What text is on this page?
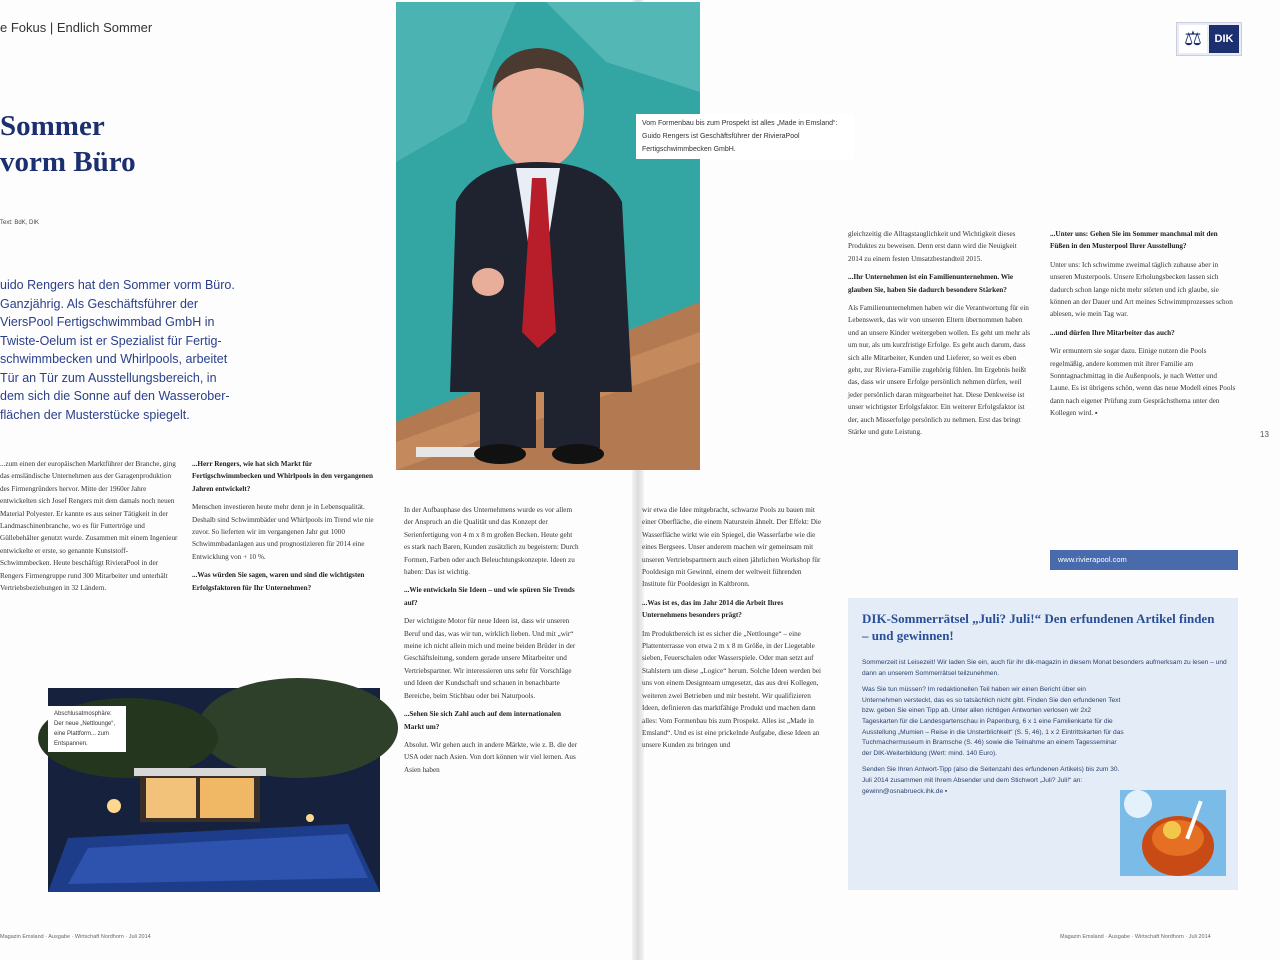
e Fokus | Endlich Sommer
Sommer
vorm Büro
Text: BdK, DIK
uido Rengers hat den Sommer vorm Büro. Ganzjährig. Als Geschäftsführer der ViersPool Fertigschwimmbad GmbH in Twiste-Oelum ist er Spezialist für Fertig-schwimmbecken und Whirlpools, arbeitet Tür an Tür zum Ausstellungsbereich, in dem sich die Sonne auf den Wasserober-flächen der Musterstücke spiegelt.

...zum einen der europäischen Marktführer der Branche, ging das emsländische Unternehmen aus der Garagenproduktion des Firmengründers hervor. Mitte der 1960er Jahre entwickelten sich Josef Rengers mit dem damals noch neuen Material Polyester. Er kannte es aus seiner Tätigkeit in der Landmaschinenbranche, wo es für Futtertröge und Güllebehälter genutzt wurde. Zusammen mit einem Ingenieur entwickelte er erste, so genannte Kunststoff-Schwimmbecken. Heute beschäftigt RivieraPool in der Rengers Firmengruppe rund 300 Mitarbeiter und unterhält Vertriebsbeziehungen in 32 Ländern.

...Herr Rengers, wie hat sich Markt für Fertigschwimmbecken und Whirlpools in den vergangenen Jahren entwickelt?

Menschen investieren heute mehr denn je in Lebensqualität. Deshalb sind Schwimmbäder und Whirlpools im Trend wie nie zuvor. So lieferten wir im vergangenen Jahr gut 1000 Schwimmbadanlagen aus und prognostizieren für 2014 eine Entwicklung von + 10 %.

...Was würden Sie sagen, waren und sind die wichtigsten Erfolgsfaktoren für Ihr Unternehmen?

Vom Formenbau bis zum Prospekt ist alles „Made in Emsland“: Guido Rengers ist Geschäftsführer der RivieraPool Fertigschwimmbecken GmbH.
Abschlusatmosphäre: Der neue „Nettlounge“, eine Plattform... zum Entspannen.
Magazin Emsland · Ausgabe · Wirtschaft Nordhorn · Juli 2014

In der Aufbauphase des Unternehmens wurde es vor allem der Anspruch an die Qualität und das Konzept der Serienfertigung von 4 m x 8 m großen Becken. Heute geht es stark nach Baren, Kunden zusätzlich zu begeistern: Durch Formen, Farben oder auch Beleuchtungskonzepte. Ideen zu haben: Das ist wichtig.

...Wie entwickeln Sie Ideen – und wie spüren Sie Trends auf?

Der wichtigste Motor für neue Ideen ist, dass wir unseren Beruf und das, was wir tun, wirklich lieben. Und mit „wir“ meine ich nicht allein mich und meine beiden Brüder in der Geschäftsleitung, sondern gerade unsere Mitarbeiter und Vertriebspartner. Wir interessieren uns sehr für Vorschläge und Ideen der Kundschaft und schauen in benachbarte Bereiche, beim Stichbau oder bei Naturpools.

...Sehen Sie sich Zahl auch auf dem internationalen Markt um?

Absolut. Wir gehen auch in andere Märkte, wie z. B. die der USA oder nach Asien. Von dort können wir viel lernen. Aus Asien haben

wir etwa die Idee mitgebracht, schwarze Pools zu bauen mit einer Oberfläche, die einem Naturstein ähnelt. Der Effekt: Die Wasserfläche wirkt wie ein Spiegel, die Wasserfarbe wie die eines Bergsees. Unser anderem machen wir gemeinsam mit unseren Vertriebspartnern auch einen jährlichen Workshop für Pooldesign mit Gewinnl, einem der weltweit führenden Institute für Pooldesign in Kaltbronn.

...Was ist es, das im Jahr 2014 die Arbeit Ihres Unternehmens besonders prägt?

Im Produktbereich ist es sicher die „Nettlounge“ – eine Plattenterrasse von etwa 2 m x 8 m Größe, in der Liegetable sieben, Feuerschalen oder Wasserspiele. Oder man setzt auf Stahlstern um diese „Logice“ herum. Solche Ideen werden bei uns von einem Designteam umgesetzt, das aus drei Kollegen, weiteren zwei Betrieben und mir besteht. Wir qualifizieren Ideen, definieren das marktfähige Produkt und machen dann alles: Vom Formenbau bis zum Prospekt. Alles ist „Made in Emsland“. Und es ist eine prickelnde Aufgabe, diese Ideen an unsere Kunden zu bringen und

gleichzeitig die Alltagstauglichkeit und Wichtigkeit dieses Produktes zu beweisen. Denn erst dann wird die Neuigkeit 2014 zu einem festen Umsatzbestandteil 2015.

...Ihr Unternehmen ist ein Familienunternehmen. Wie glauben Sie, haben Sie dadurch besondere Stärken?

Als Familienunternehmen haben wir die Verantwortung für ein Lebenswerk, das wir von unseren Eltern übernommen haben und an unsere Kinder weitergeben wollen. Es geht um mehr als um nur, als um kurzfristige Erfolge. Es geht auch darum, dass sich alle Mitarbeiter, Kunden und Lieferer, so weit es eben geht, zur Riviera-Familie zugehörig fühlen. Im Ergebnis heißt das, dass wir unsere Erfolge persönlich nehmen dürfen, weil jeder persönlich daran mitgearbeitet hat. Diese Denkweise ist unser wichtigster Erfolgsfaktor. Ein weiterer Erfolgsfaktor ist der, auch Misserfolge persönlich zu nehmen. Erst das bringt Stärke und gute Leistung.

...Unter uns: Gehen Sie im Sommer manchmal mit den Füßen in den Musterpool Ihrer Ausstellung?

Unter uns: Ich schwimme zweimal täglich zuhause aber in unseren Musterpools. Unsere Erholungsbecken lassen sich dadurch schon lange nicht mehr störten und ich glaube, sie können an der Dauer und Art meines Schwimmprozesses schon ablesen, wie mein Tag war.

...und dürfen Ihre Mitarbeiter das auch?

Wir ermuntern sie sogar dazu. Einige nutzen die Pools regelmäßig, andere kommen mit ihrer Familie am Sonntagnachmittag in die Außenpools, je nach Wetter und Laune. Es ist übrigens schön, wenn das neue Modell eines Pools dann nach eigener Prüfung zum Gesprächsthema unter den Kollegen wird. ▪

⚖	DIK
13
www.rivierapool.com
DIK-Sommerrätsel „Juli? Juli!“ Den erfundenen Artikel finden – und gewinnen!

Sommerzeit ist Leisezeit! Wir laden Sie ein, auch für ihr dik-magazin in diesem Monat besonders aufmerksam zu lesen – und dann an unserem Sommerrätsel teilzunehmen.

Was Sie tun müssen? Im redaktionellen Teil haben wir einen Bericht über ein Unternehmen versteckt, das es so tatsächlich nicht gibt. Finden Sie den erfundenen Text bzw. geben Sie einen Tipp ab. Unter allen richtigen Antworten verlosen wir 2x2 Tageskarten für die Landesgartenschau in Papenburg, 6 x 1 eine Familienkarte für die Ausstellung „Mumien – Reise in die Unsterblichkeit“ (S. 5, 46), 1 x 2 Eintrittskarten für das Tuchmachermuseum in Bramsche (S. 46) sowie die Teilnahme an einem Tagesseminar der DIK-Weiterbildung (Wert: mind. 140 Euro).

Senden Sie Ihren Antwort-Tipp (also die Seitenzahl des erfundenen Artikels) bis zum 30. Juli 2014 zusammen mit Ihrem Absender und dem Stichwort „Juli? Juli!“ an: gewinn@osnabrueck.ihk.de ▪

Magazin Emsland · Ausgabe · Wirtschaft Nordhorn · Juli 2014
